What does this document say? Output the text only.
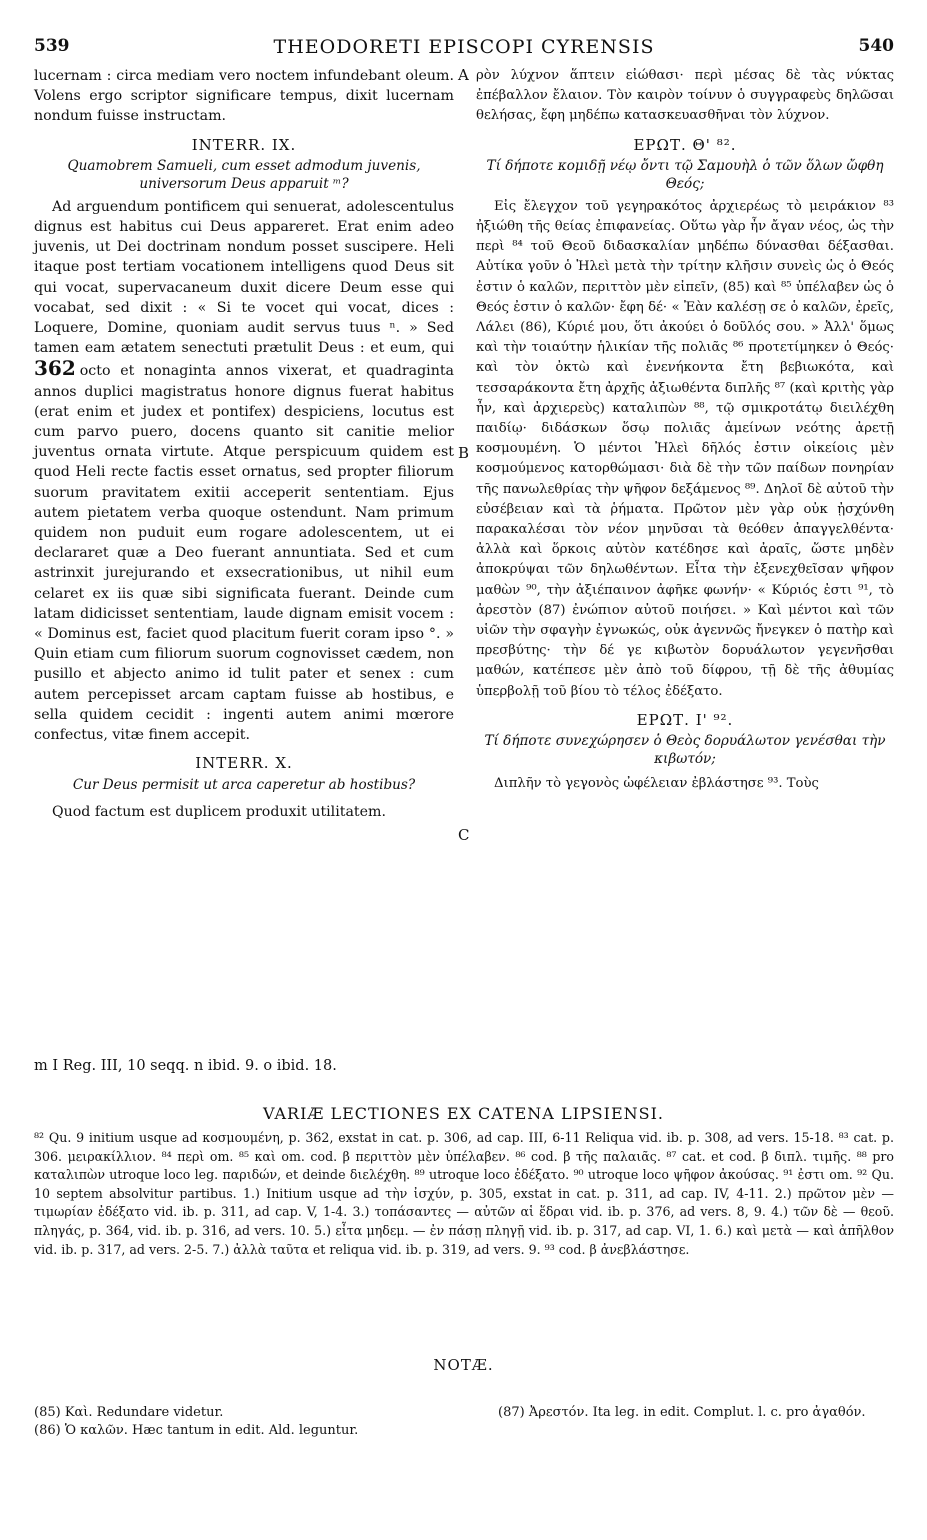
539	THEODORETI EPISCOPI CYRENSIS	540

lucernam : circa mediam vero noctem infundebant oleum. Volens ergo scriptor significare tempus, dixit lucernam nondum fuisse instructam.

INTERR. IX.
Quamobrem Samueli, cum esset admodum juvenis, universorum Deus apparuit ᵐ?

Ad arguendum pontificem qui senuerat, adolescentulus dignus est habitus cui Deus appareret. Erat enim adeo juvenis, ut Dei doctrinam nondum posset suscipere. Heli itaque post tertiam vocationem intelligens quod Deus sit qui vocat, supervacaneum duxit dicere Deum esse qui vocabat, sed dixit : « Si te vocet qui vocat, dices : Loquere, Domine, quoniam audit servus tuus ⁿ. » Sed tamen eam ætatem senectuti prætulit Deus : et eum, qui 362 octo et nonaginta annos vixerat, et quadraginta annos duplici magistratus honore dignus fuerat habitus (erat enim et judex et pontifex) despiciens, locutus est cum parvo puero, docens quanto sit canitie melior juventus ornata virtute. Atque perspicuum quidem est quod Heli recte factis esset ornatus, sed propter filiorum suorum pravitatem exitii acceperit sententiam. Ejus autem pietatem verba quoque ostendunt. Nam primum quidem non puduit eum rogare adolescentem, ut ei declararet quæ a Deo fuerant annuntiata. Sed et cum astrinxit jurejurando et exsecrationibus, ut nihil eum celaret ex iis quæ sibi significata fuerant. Deinde cum latam didicisset sententiam, laude dignam emisit vocem : « Dominus est, faciet quod placitum fuerit coram ipso °. » Quin etiam cum filiorum suorum cognovisset cædem, non pusillo et abjecto animo id tulit pater et senex : cum autem percepisset arcam captam fuisse ab hostibus, e sella quidem cecidit : ingenti autem animi mœrore confectus, vitæ finem accepit.

INTERR. X.
Cur Deus permisit ut arca caperetur ab hostibus?

Quod factum est duplicem produxit utilitatem.

A
B
C

ρὸν λύχνον ἅπτειν εἰώθασι· περὶ μέσας δὲ τὰς νύκτας ἐπέβαλλον ἔλαιον. Τὸν καιρὸν τοίνυν ὁ συγγραφεὺς δηλῶσαι θελήσας, ἔφη μηδέπω κατασκευασθῆναι τὸν λύχνον.

ΕΡΩΤ. Θ' ⁸².
Τί δήποτε κομιδῇ νέῳ ὄντι τῷ Σαμουὴλ ὁ τῶν ὅλων ὤφθη Θεός;

Εἰς ἔλεγχον τοῦ γεγηρακότος ἀρχιερέως τὸ μειράκιον ⁸³ ἠξιώθη τῆς θείας ἐπιφανείας. Οὕτω γὰρ ἦν ἄγαν νέος, ὡς τὴν περὶ ⁸⁴ τοῦ Θεοῦ διδασκαλίαν μηδέπω δύνασθαι δέξασθαι. Αὐτίκα γοῦν ὁ Ἠλεὶ μετὰ τὴν τρίτην κλῆσιν συνεὶς ὡς ὁ Θεός ἐστιν ὁ καλῶν, περιττὸν μὲν εἰπεῖν, (85) καὶ ⁸⁵ ὑπέλαβεν ὡς ὁ Θεός ἐστιν ὁ καλῶν· ἔφη δέ· « Ἐὰν καλέσῃ σε ὁ καλῶν, ἐρεῖς, Λάλει (86), Κύριέ μου, ὅτι ἀκούει ὁ δοῦλός σου. » Ἀλλ' ὅμως καὶ τὴν τοιαύτην ἡλικίαν τῆς πολιᾶς ⁸⁶ προτετίμηκεν ὁ Θεός· καὶ τὸν ὀκτὼ καὶ ἐνενήκοντα ἔτη βεβιωκότα, καὶ τεσσαράκοντα ἔτη ἀρχῆς ἀξιωθέντα διπλῆς ⁸⁷ (καὶ κριτὴς γὰρ ἦν, καὶ ἀρχιερεὺς) καταλιπὼν ⁸⁸, τῷ σμικροτάτῳ διειλέχθη παιδίῳ· διδάσκων ὅσῳ πολιᾶς ἀμείνων νεότης ἀρετῇ κοσμουμένη. Ὁ μέντοι Ἠλεὶ δῆλός ἐστιν οἰκείοις μὲν κοσμούμενος κατορθώμασι· διὰ δὲ τὴν τῶν παίδων πονηρίαν τῆς πανωλεθρίας τὴν ψῆφον δεξάμενος ⁸⁹. Δηλοῖ δὲ αὐτοῦ τὴν εὐσέβειαν καὶ τὰ ῥήματα. Πρῶτον μὲν γὰρ οὐκ ᾐσχύνθη παρακαλέσαι τὸν νέον μηνῦσαι τὰ θεόθεν ἀπαγγελθέντα· ἀλλὰ καὶ ὅρκοις αὐτὸν κατέδησε καὶ ἀραῖς, ὥστε μηδὲν ἀποκρύψαι τῶν δηλωθέντων. Εἶτα τὴν ἐξενεχθεῖσαν ψῆφον μαθὼν ⁹⁰, τὴν ἀξιέπαινον ἀφῆκε φωνήν· « Κύριός ἐστι ⁹¹, τὸ ἀρεστὸν (87) ἐνώπιον αὐτοῦ ποιήσει. » Καὶ μέντοι καὶ τῶν υἱῶν τὴν σφαγὴν ἐγνωκώς, οὐκ ἀγεννῶς ἤνεγκεν ὁ πατὴρ καὶ πρεσβύτης· τὴν δέ γε κιβωτὸν δορυάλωτον γεγενῆσθαι μαθών, κατέπεσε μὲν ἀπὸ τοῦ δίφρου, τῇ δὲ τῆς ἀθυμίας ὑπερβολῇ τοῦ βίου τὸ τέλος ἐδέξατο.

ΕΡΩΤ. Ι' ⁹².
Τί δήποτε συνεχώρησεν ὁ Θεὸς δορυάλωτον γενέσθαι τὴν κιβωτόν;

Διπλῆν τὸ γεγονὸς ὠφέλειαν ἐβλάστησε ⁹³. Τοὺς

m I Reg. III, 10 seqq. n ibid. 9. o ibid. 18.
VARIÆ LECTIONES EX CATENA LIPSIENSI.
⁸² Qu. 9 initium usque ad κοσμουμένη, p. 362, exstat in cat. p. 306, ad cap. III, 6-11 Reliqua vid. ib. p. 308, ad vers. 15-18. ⁸³ cat. p. 306. μειρακίλλιον. ⁸⁴ περὶ om. ⁸⁵ καὶ om. cod. β περιττὸν μὲν ὑπέλαβεν. ⁸⁶ cod. β τῆς παλαιᾶς. ⁸⁷ cat. et cod. β διπλ. τιμῆς. ⁸⁸ pro καταλιπὼν utroque loco leg. παριδών, et deinde διελέχθη. ⁸⁹ utroque loco ἐδέξατο. ⁹⁰ utroque loco ψῆφον ἀκούσας. ⁹¹ ἐστι om. ⁹² Qu. 10 septem absolvitur partibus. 1.) Initium usque ad τὴν ἰσχύν, p. 305, exstat in cat. p. 311, ad cap. IV, 4-11. 2.) πρῶτον μὲν — τιμωρίαν ἐδέξατο vid. ib. p. 311, ad cap. V, 1-4. 3.) τοπάσαντες — αὐτῶν αἱ ἕδραι vid. ib. p. 376, ad vers. 8, 9. 4.) τῶν δὲ — θεοῦ. πληγάς, p. 364, vid. ib. p. 316, ad vers. 10. 5.) εἶτα μηδεμ. — ἐν πάσῃ πληγῇ vid. ib. p. 317, ad cap. VI, 1. 6.) καὶ μετὰ — καὶ ἀπῆλθον vid. ib. p. 317, ad vers. 2-5. 7.) ἀλλὰ ταῦτα et reliqua vid. ib. p. 319, ad vers. 9. ⁹³ cod. β ἀνεβλάστησε.
NOTÆ.
(85) Καὶ. Redundare videtur.
(86) Ὁ καλῶν. Hæc tantum in edit. Ald. leguntur.
(87) Ἀρεστόν. Ita leg. in edit. Complut. l. c. pro ἀγαθόν.
